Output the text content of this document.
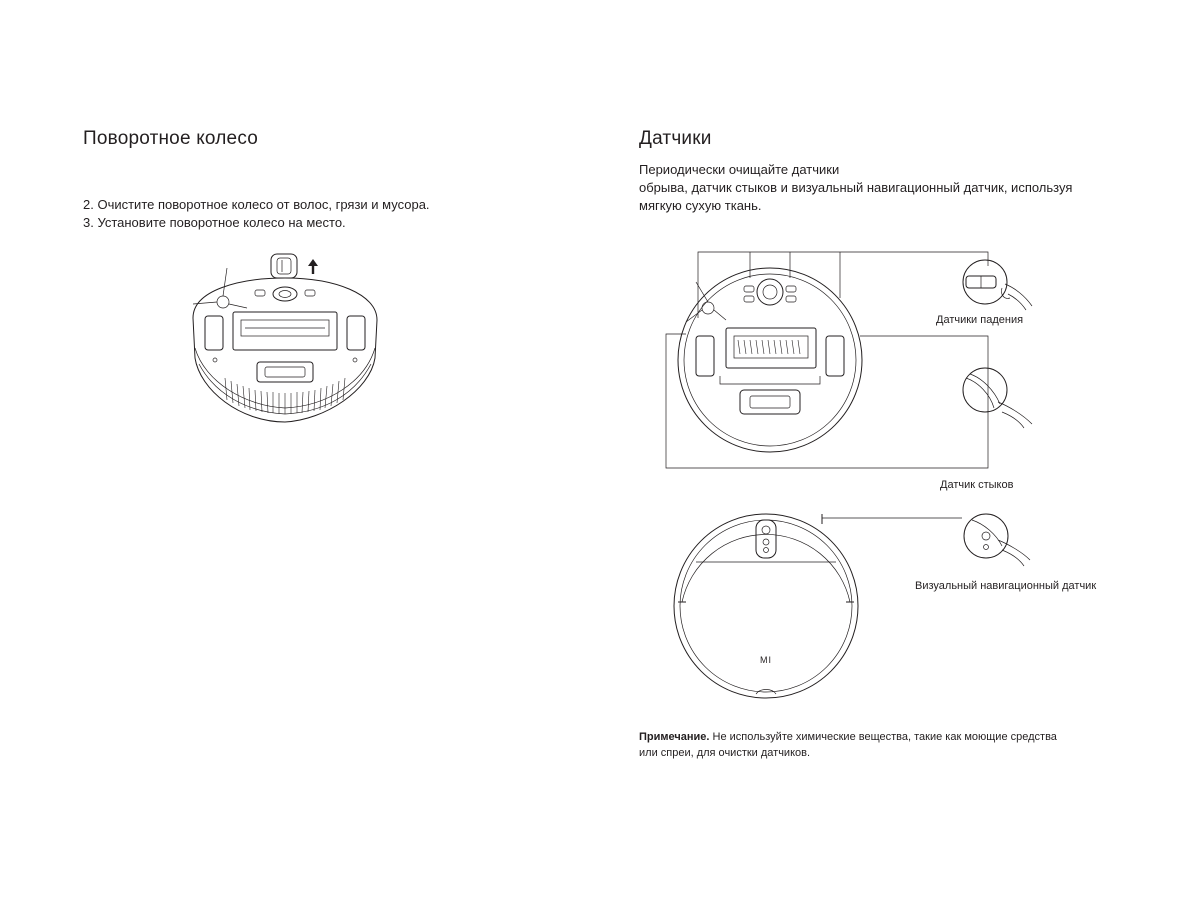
Поворотное колесо
2. Очистите поворотное колесо от волос, грязи и мусора.
3. Установите поворотное колесо на место.
Датчики
Периодически очищайте датчики
обрыва, датчик стыков и визуальный навигационный датчик, используя
мягкую сухую ткань.
Датчики падения
Датчик стыков
MI
Визуальный навигационный датчик
Примечание. Не используйте химические вещества, такие как моющие средства
или спреи, для очистки датчиков.
